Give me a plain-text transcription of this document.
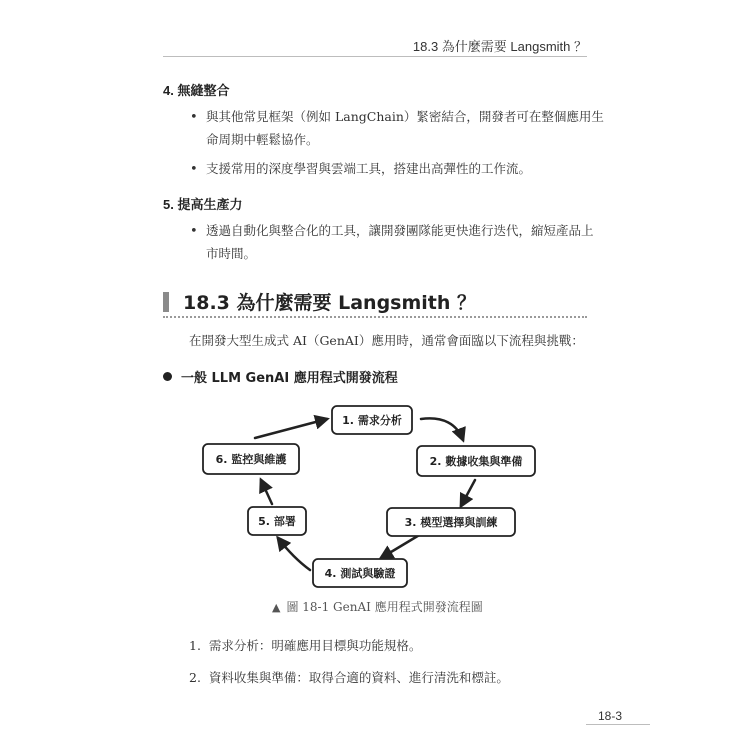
18.3 為什麼需要 Langsmith ？
4. 無縫整合
• 與其他常見框架（例如 LangChain）緊密結合，開發者可在整個應用生
命周期中輕鬆協作。
• 支援常用的深度學習與雲端工具，搭建出高彈性的工作流。
5. 提高生產力
• 透過自動化與整合化的工具，讓開發團隊能更快進行迭代，縮短產品上
市時間。
18.3 為什麼需要 Langsmith ？
在開發大型生成式 AI（GenAI）應用時，通常會面臨以下流程與挑戰：
一般 LLM GenAI 應用程式開發流程
1. 需求分析
2. 數據收集與準備
3. 模型選擇與訓練
4. 測試與驗證
5. 部署
6. 監控與維護
▲ 圖 18-1 GenAI 應用程式開發流程圖
1. 需求分析：明確應用目標與功能規格。
2. 資料收集與準備：取得合適的資料、進行清洗和標註。
18-3
